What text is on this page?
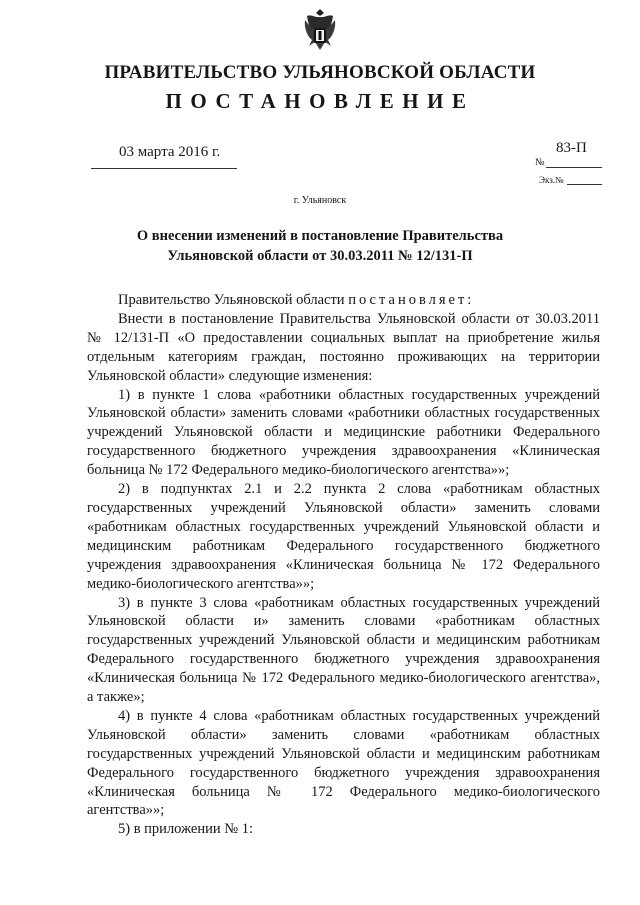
ПРАВИТЕЛЬСТВО УЛЬЯНОВСКОЙ ОБЛАСТИ
ПОСТАНОВЛЕНИЕ
03 марта 2016 г.	83-П
№
Экз.№
г. Ульяновск
О внесении изменений в постановление Правительства
Ульяновской области от 30.03.2011 № 12/131-П

Правительство Ульяновской области постановляет:

Внести в постановление Правительства Ульяновской области от 30.03.2011 № 12/131-П «О предоставлении социальных выплат на приобретение жилья отдельным категориям граждан, постоянно проживающих на территории Ульяновской области» следующие изменения:

1) в пункте 1 слова «работники областных государственных учреждений Ульяновской области» заменить словами «работники областных государственных учреждений Ульяновской области и медицинские работники Федерального государственного бюджетного учреждения здравоохранения «Клиническая больница № 172 Федерального медико-биологического агентства»»;

2) в подпунктах 2.1 и 2.2 пункта 2 слова «работникам областных государственных учреждений Ульяновской области» заменить словами «работникам областных государственных учреждений Ульяновской области и медицинским работникам Федерального государственного бюджетного учреждения здравоохранения «Клиническая больница № 172 Федерального медико-биологического агентства»»;

3) в пункте 3 слова «работникам областных государственных учреждений Ульяновской области и» заменить словами «работникам областных государственных учреждений Ульяновской области и медицинским работникам Федерального государственного бюджетного учреждения здравоохранения «Клиническая больница № 172 Федерального медико-биологического агентства», а также»;

4) в пункте 4 слова «работникам областных государственных учреждений Ульяновской области» заменить словами «работникам областных государственных учреждений Ульяновской области и медицинским работникам Федерального государственного бюджетного учреждения здравоохранения «Клиническая больница № 172 Федерального медико-биологического агентства»»;

5) в приложении № 1:
